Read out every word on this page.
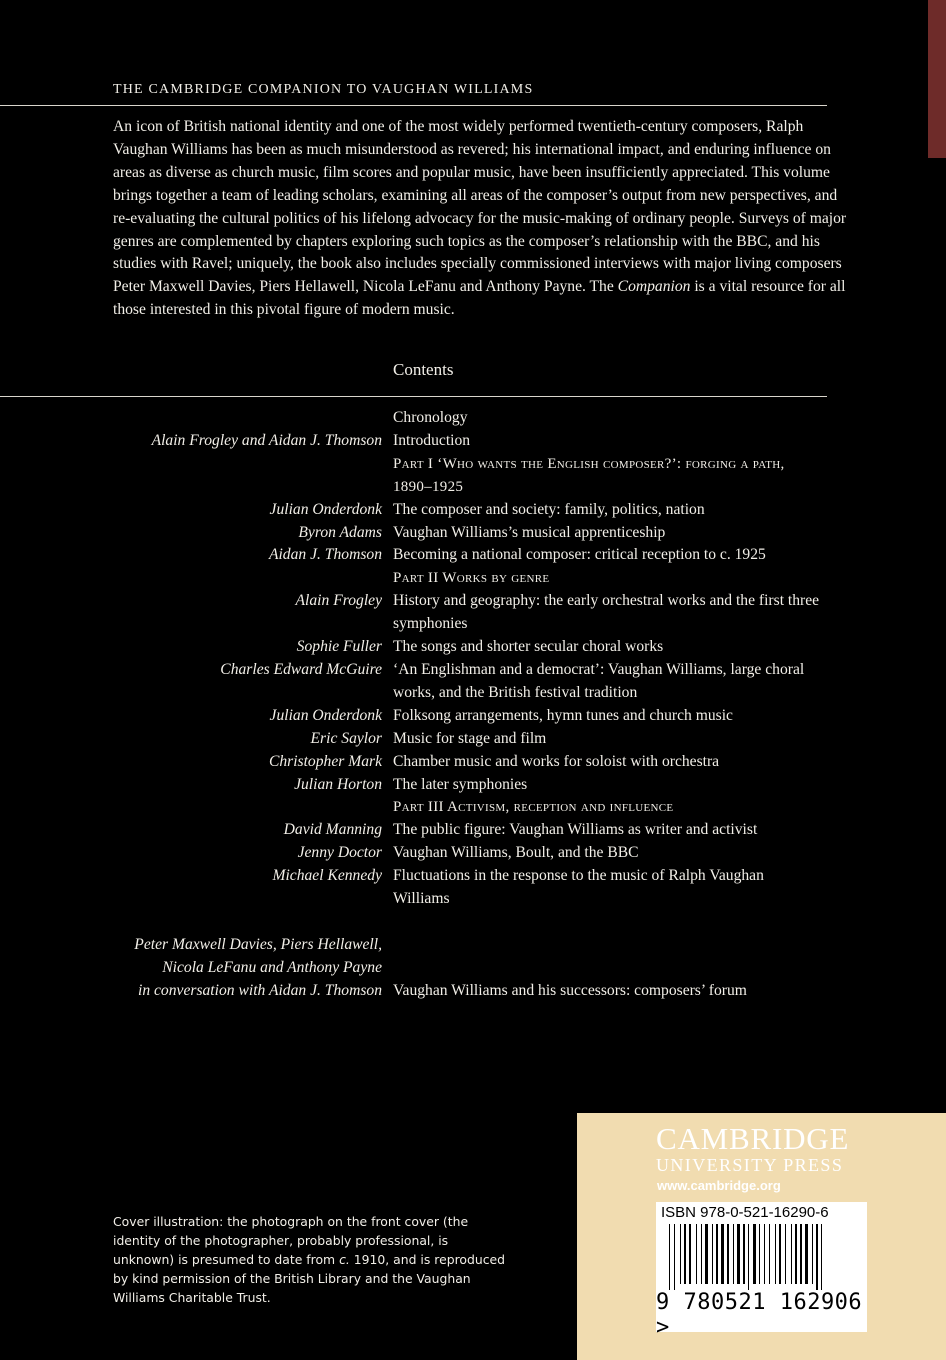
THE CAMBRIDGE COMPANION TO VAUGHAN WILLIAMS

An icon of British national identity and one of the most widely performed twentieth-century composers, Ralph Vaughan Williams has been as much misunderstood as revered; his international impact, and enduring influence on areas as diverse as church music, film scores and popular music, have been insufficiently appreciated. This volume brings together a team of leading scholars, examining all areas of the composer’s output from new perspectives, and re-evaluating the cultural politics of his lifelong advocacy for the music-making of ordinary people. Surveys of major genres are complemented by chapters exploring such topics as the composer’s relationship with the BBC, and his studies with Ravel; uniquely, the book also includes specially commissioned interviews with major living composers Peter Maxwell Davies, Piers Hellawell, Nicola LeFanu and Anthony Payne. The Companion is a vital resource for all those interested in this pivotal figure of modern music.

Contents

Chronology
Alain Frogley and Aidan J. Thomson Introduction

Part I ‘Who wants the English composer?’: forging a path, 1890–1925
Julian Onderdonk The composer and society: family, politics, nation
Byron Adams Vaughan Williams’s musical apprenticeship
Aidan J. Thomson Becoming a national composer: critical reception to c. 1925

Part II Works by genre
Alain Frogley History and geography: the early orchestral works and the first three symphonies
Sophie Fuller The songs and shorter secular choral works
Charles Edward McGuire ‘An Englishman and a democrat’: Vaughan Williams, large choral works, and the British festival tradition
Julian Onderdonk Folksong arrangements, hymn tunes and church music
Eric Saylor Music for stage and film
Christopher Mark Chamber music and works for soloist with orchestra
Julian Horton The later symphonies

Part III Activism, reception and influence
David Manning The public figure: Vaughan Williams as writer and activist
Jenny Doctor Vaughan Williams, Boult, and the BBC
Michael Kennedy Fluctuations in the response to the music of Ralph Vaughan Williams

Peter Maxwell Davies, Piers Hellawell,

Nicola LeFanu and Anthony Payne

in conversation with Aidan J. Thomson Vaughan Williams and his successors: composers’ forum
Cover illustration: the photograph on the front cover (the identity of the photographer, probably professional, is unknown) is presumed to date from c. 1910, and is reproduced by kind permission of the British Library and the Vaughan Williams Charitable Trust.
CAMBRIDGE
UNIVERSITY PRESS
www.cambridge.org
ISBN 978-0-521-16290-6
9 780521 162906 >
